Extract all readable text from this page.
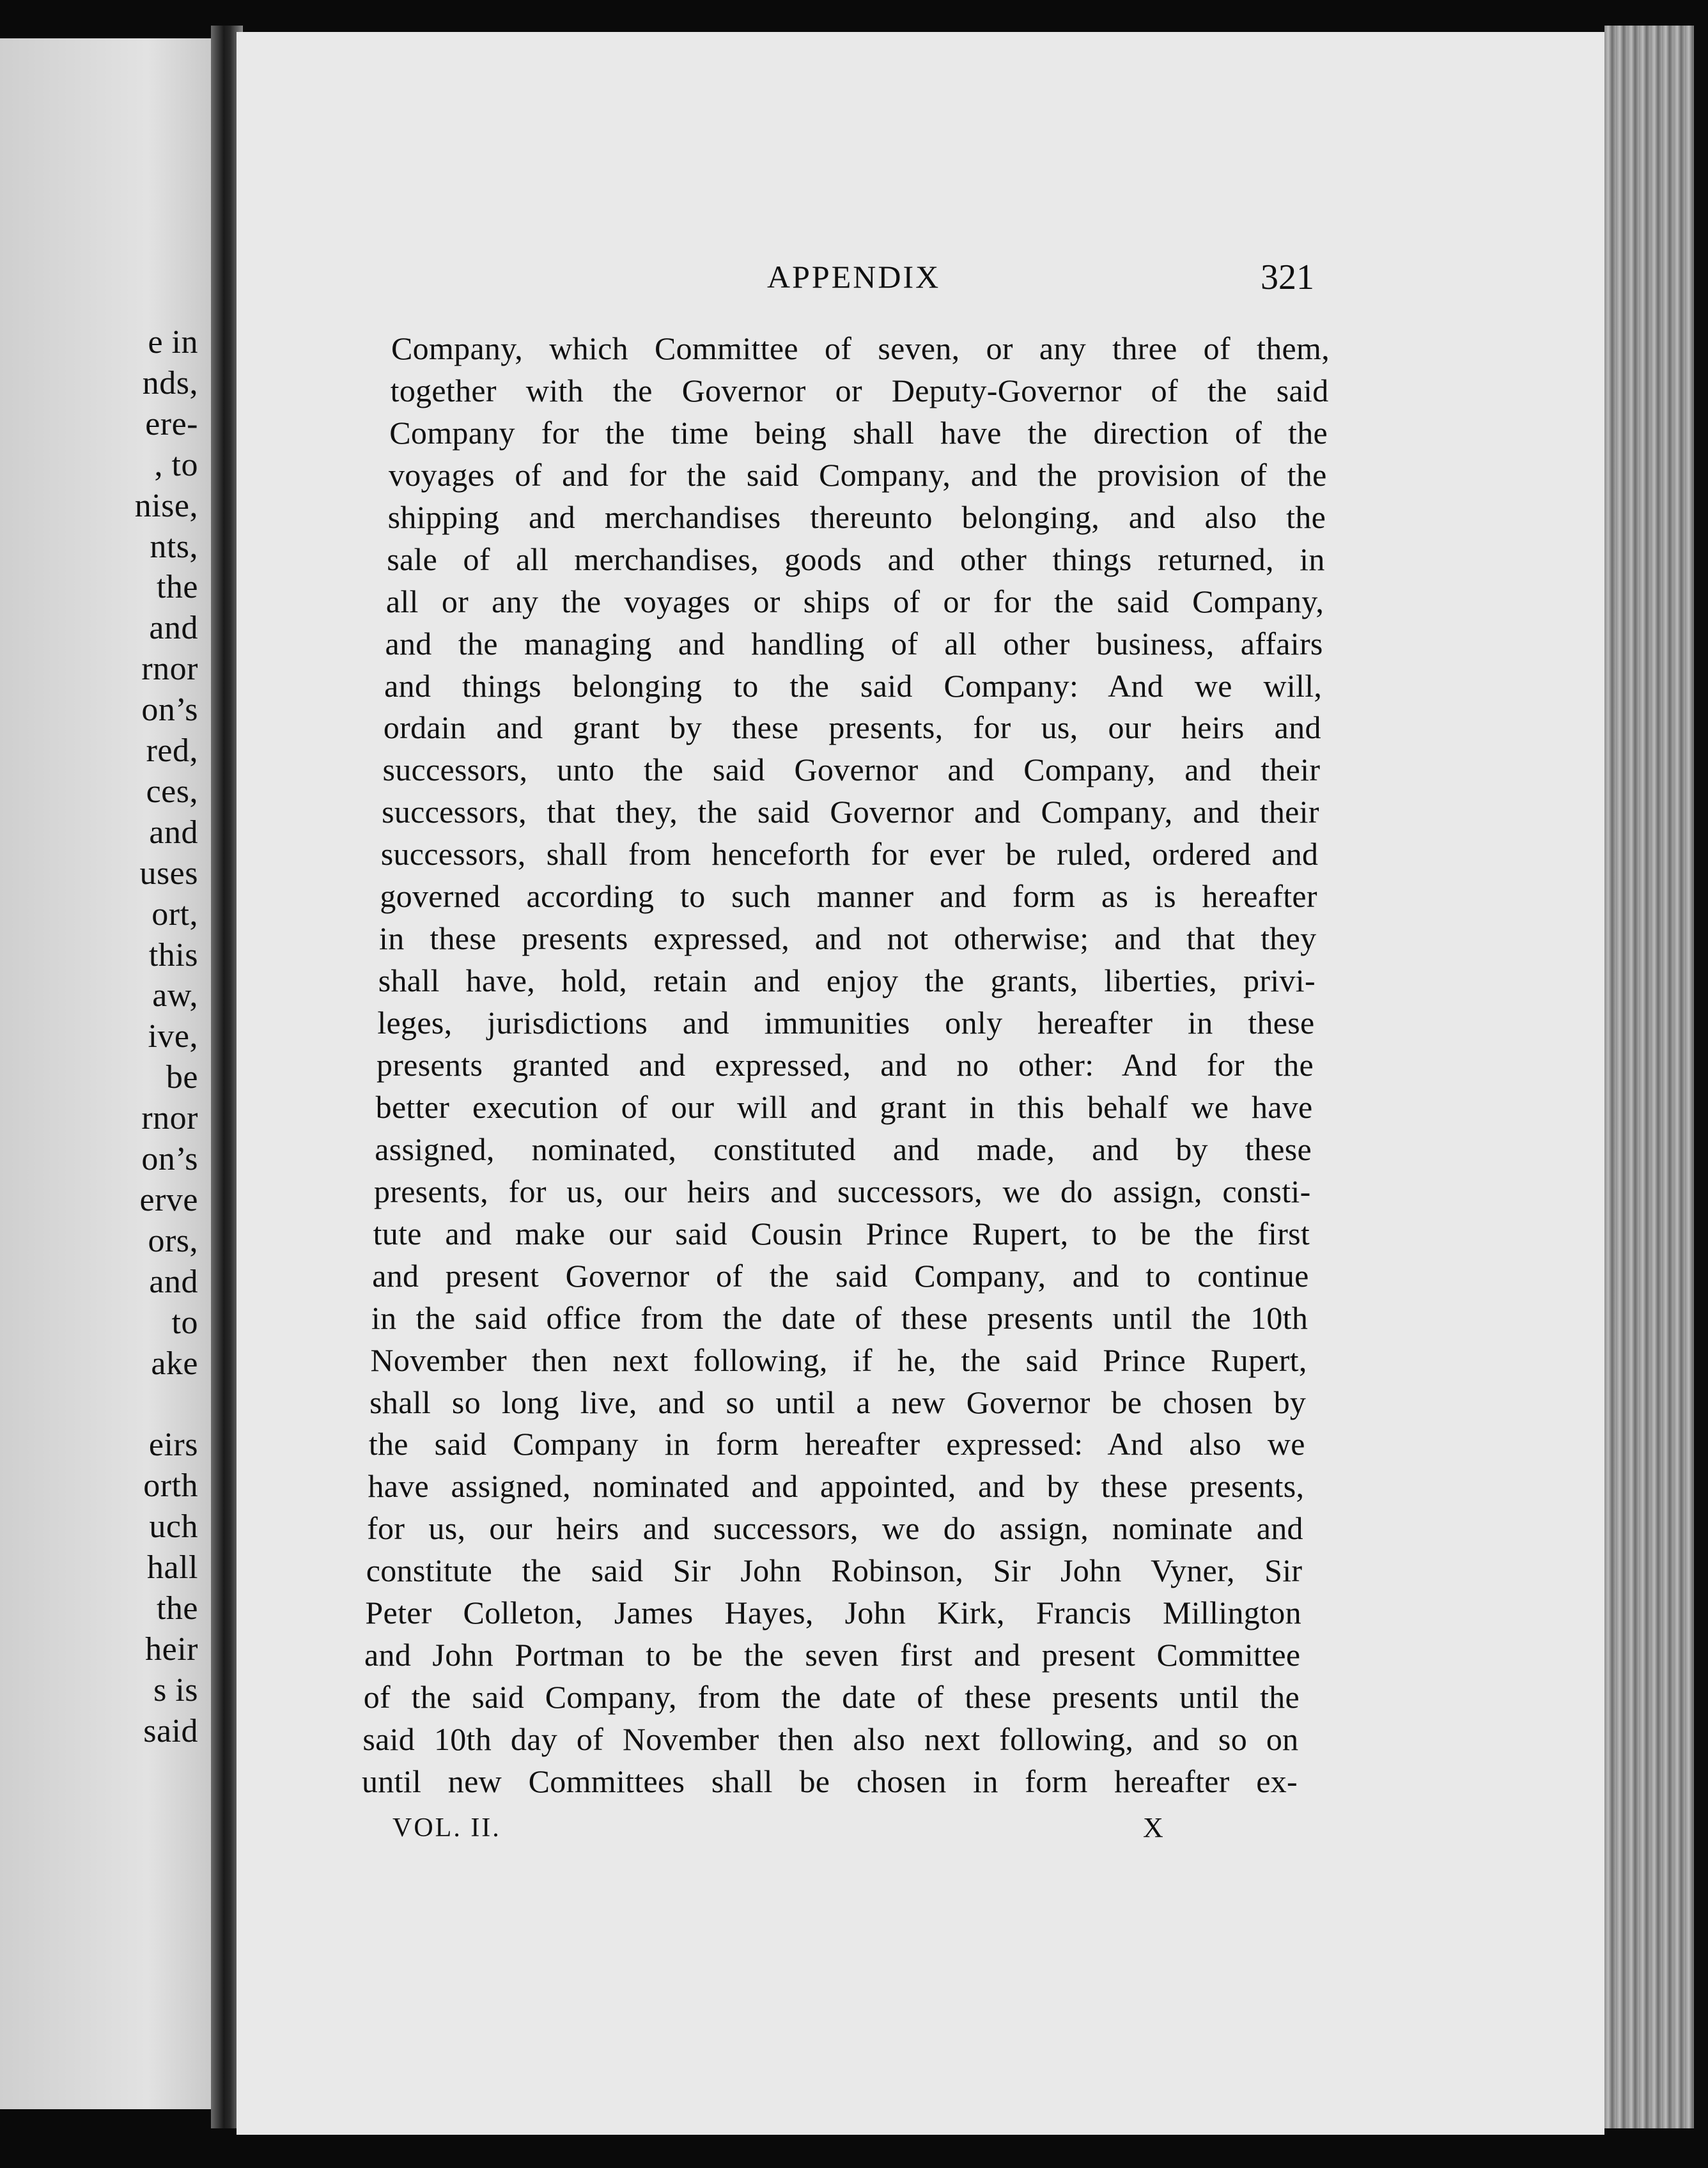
e in
nds,
ere-
, to
nise,
nts,
the
and
rnor
on’s
red,
ces,
and
uses
ort,
this
aw,
ive,
be
rnor
on’s
erve
ors,
and
to
ake
eirs
orth
uch
hall
the
heir
s is
said
APPENDIX	321
Company, which Committee of seven, or any three of them,
together with the Governor or Deputy-Governor of the said
Company for the time being shall have the direction of the
voyages of and for the said Company, and the provision of the
shipping and merchandises thereunto belonging, and also the
sale of all merchandises, goods and other things returned, in
all or any the voyages or ships of or for the said Company,
and the managing and handling of all other business, affairs
and things belonging to the said Company: And we will,
ordain and grant by these presents, for us, our heirs and
successors, unto the said Governor and Company, and their
successors, that they, the said Governor and Company, and their
successors, shall from henceforth for ever be ruled, ordered and
governed according to such manner and form as is hereafter
in these presents expressed, and not otherwise; and that they
shall have, hold, retain and enjoy the grants, liberties, privi-
leges, jurisdictions and immunities only hereafter in these
presents granted and expressed, and no other: And for the
better execution of our will and grant in this behalf we have
assigned, nominated, constituted and made, and by these
presents, for us, our heirs and successors, we do assign, consti-
tute and make our said Cousin Prince Rupert, to be the first
and present Governor of the said Company, and to continue
in the said office from the date of these presents until the 10th
November then next following, if he, the said Prince Rupert,
shall so long live, and so until a new Governor be chosen by
the said Company in form hereafter expressed: And also we
have assigned, nominated and appointed, and by these presents,
for us, our heirs and successors, we do assign, nominate and
constitute the said Sir John Robinson, Sir John Vyner, Sir
Peter Colleton, James Hayes, John Kirk, Francis Millington
and John Portman to be the seven first and present Committee
of the said Company, from the date of these presents until the
said 10th day of November then also next following, and so on
until new Committees shall be chosen in form hereafter ex-
VOL. II.	X
